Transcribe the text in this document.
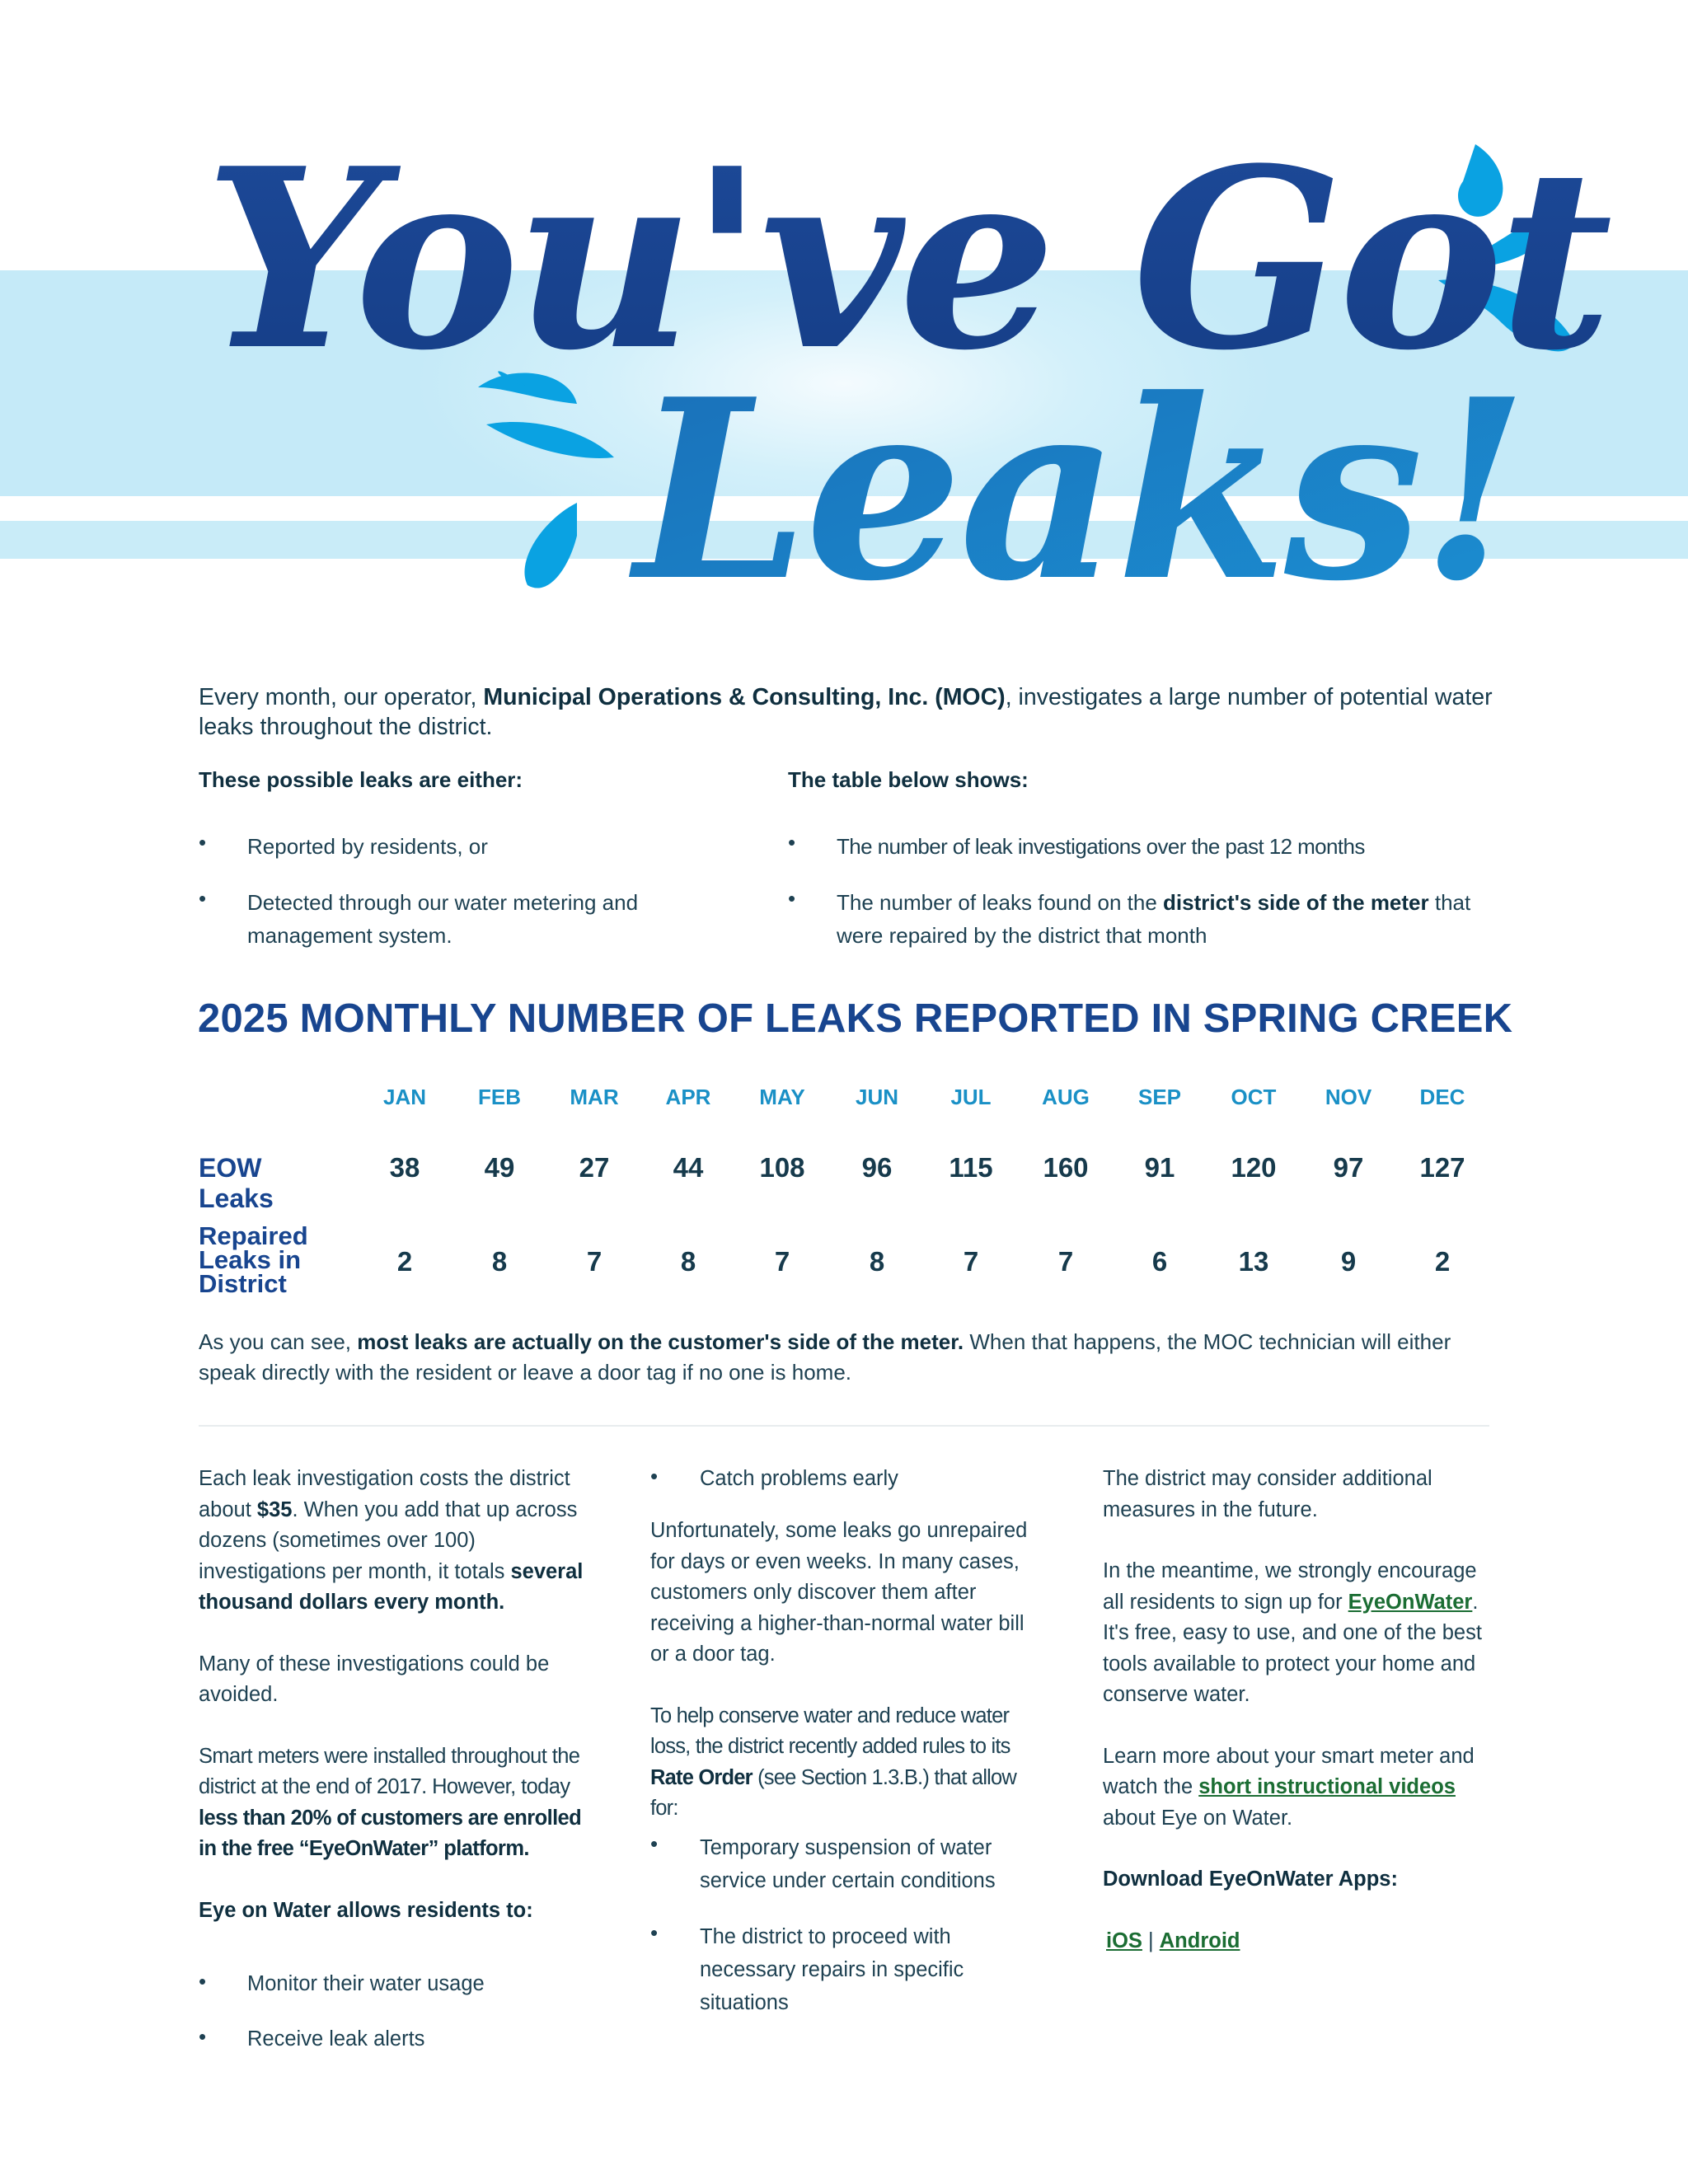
You've Got
Leaks!
Every month, our operator, Municipal Operations & Consulting, Inc. (MOC), investigates a large number of potential water leaks throughout the district.
These possible leaks are either:	The table below shows:
• Reported by residents, or
• Detected through our water metering and management system.
• The number of leak investigations over the past 12 months
• The number of leaks found on the district's side of the meter that were repaired by the district that month
2025 MONTHLY NUMBER OF LEAKS REPORTED IN SPRING CREEK
JAN	FEB	MAR	APR	MAY	JUN	JUL	AUG	SEP	OCT	NOV	DEC
EOW Leaks
38	49	27	44	108	96	115	160	91	120	97	127
Repaired
Leaks in
District
2	8	7	8	7	8	7	7	6	13	9	2
As you can see, most leaks are actually on the customer's side of the meter. When that happens, the MOC technician will either speak directly with the resident or leave a door tag if no one is home.

Each leak investigation costs the district about $35. When you add that up across dozens (sometimes over 100) investigations per month, it totals several thousand dollars every month.

Many of these investigations could be avoided.

Smart meters were installed throughout the district at the end of 2017. However, today less than 20% of customers are enrolled in the free “EyeOnWater” platform.

Eye on Water allows residents to:

• Monitor their water usage
• Receive leak alerts
• Catch problems early

Unfortunately, some leaks go unrepaired for days or even weeks. In many cases, customers only discover them after receiving a higher-than-normal water bill or a door tag.

To help conserve water and reduce water loss, the district recently added rules to its Rate Order (see Section 1.3.B.) that allow for:

• Temporary suspension of water service under certain conditions
• The district to proceed with necessary repairs in specific situations

The district may consider additional measures in the future.

In the meantime, we strongly encourage all residents to sign up for EyeOnWater. It's free, easy to use, and one of the best tools available to protect your home and conserve water.

Learn more about your smart meter and watch the short instructional videos about Eye on Water.

Download EyeOnWater Apps:

iOS | Android
